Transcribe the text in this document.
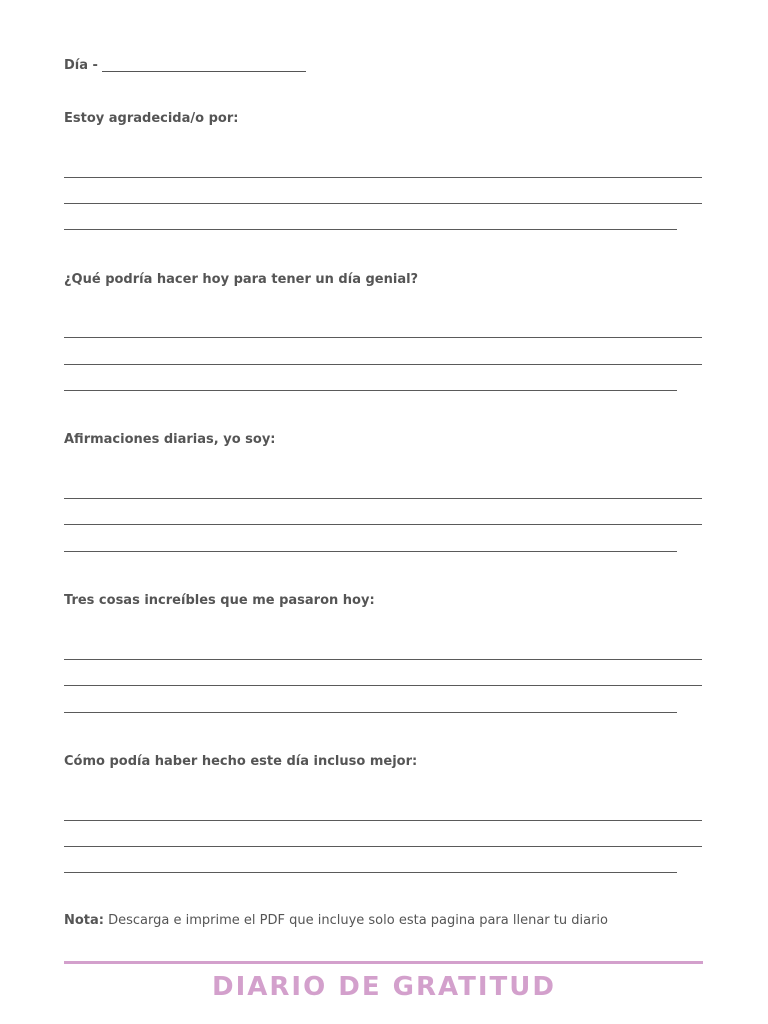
Día -
Estoy agradecida/o por:
¿Qué podría hacer hoy para tener un día genial?
Afirmaciones diarias, yo soy:
Tres cosas increíbles que me pasaron hoy:
Cómo podía haber hecho este día incluso mejor:
Nota: Descarga e imprime el PDF que incluye solo esta pagina para llenar tu diario
DIARIO DE GRATITUD
